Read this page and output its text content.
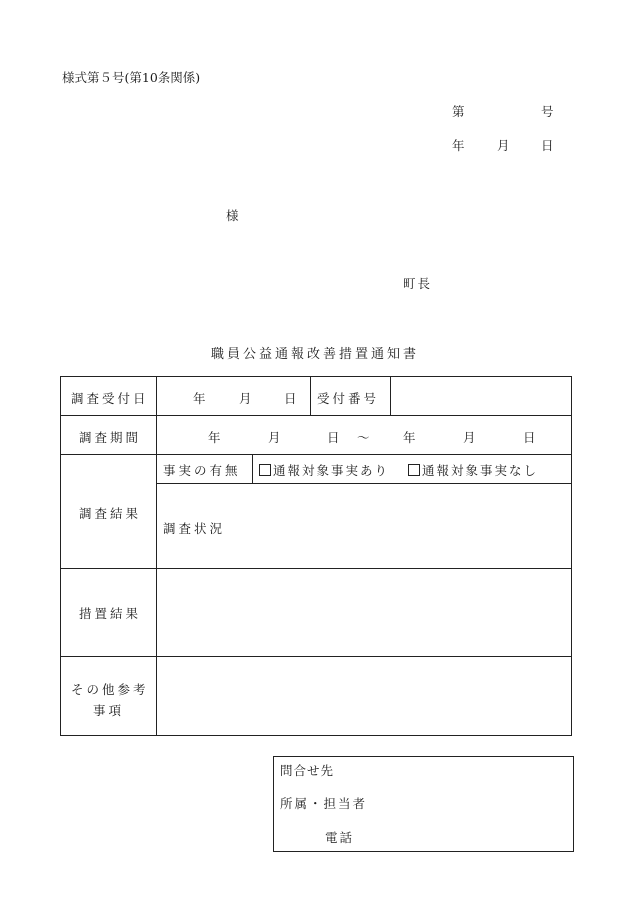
様式第５号(第10条関係)
第	号
年	月	日
様
町長
職員公益通報改善措置通知書
調査受付日	年 月 日 受付番号
調査期間	年	月	日 ～ 年	月	日
調査結果
事実の有無	通報対象事実あり	通報対象事実なし
調査状況
措置結果
その他参考
事項
問合せ先
所属・担当者
電話
